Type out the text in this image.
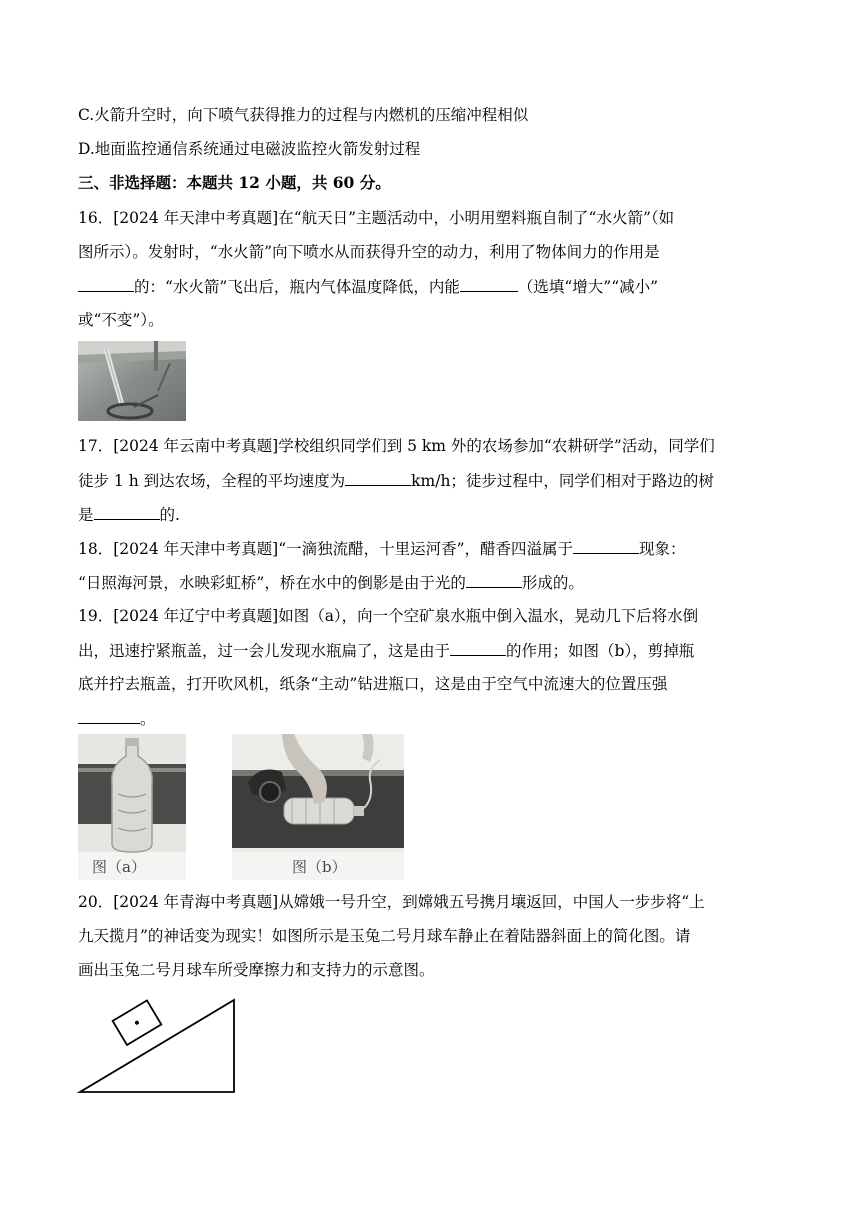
C.火箭升空时，向下喷气获得推力的过程与内燃机的压缩冲程相似
D.地面监控通信系统通过电磁波监控火箭发射过程
三、非选择题：本题共 12 小题，共 60 分。
16．[2024 年天津中考真题]在“航天日”主题活动中，小明用塑料瓶自制了“水火箭”（如
图所示）。发射时，“水火箭”向下喷水从而获得升空的动力，利用了物体间力的作用是
的：“水火箭”飞出后，瓶内气体温度降低，内能	（选填“增大”“减小”
或“不变”）。
17．[2024 年云南中考真题]学校组织同学们到 5 km 外的农场参加“农耕研学”活动，同学们
徒步 1 h 到达农场，全程的平均速度为	km/h；徒步过程中，同学们相对于路边的树
是	的.
18．[2024 年天津中考真题]“一滴独流醋，十里运河香”，醋香四溢属于	现象：
“日照海河景，水映彩虹桥”，桥在水中的倒影是由于光的	形成的。
19．[2024 年辽宁中考真题]如图（a），向一个空矿泉水瓶中倒入温水，晃动几下后将水倒
出，迅速拧紧瓶盖，过一会儿发现水瓶扁了，这是由于	的作用；如图（b），剪掉瓶
底并拧去瓶盖，打开吹风机，纸条“主动”钻进瓶口，这是由于空气中流速大的位置压强
。
图（a）	图（b）
20．[2024 年青海中考真题]从嫦娥一号升空，到嫦娥五号携月壤返回，中国人一步步将“上
九天揽月”的神话变为现实！如图所示是玉兔二号月球车静止在着陆器斜面上的简化图。请
画出玉兔二号月球车所受摩擦力和支持力的示意图。
